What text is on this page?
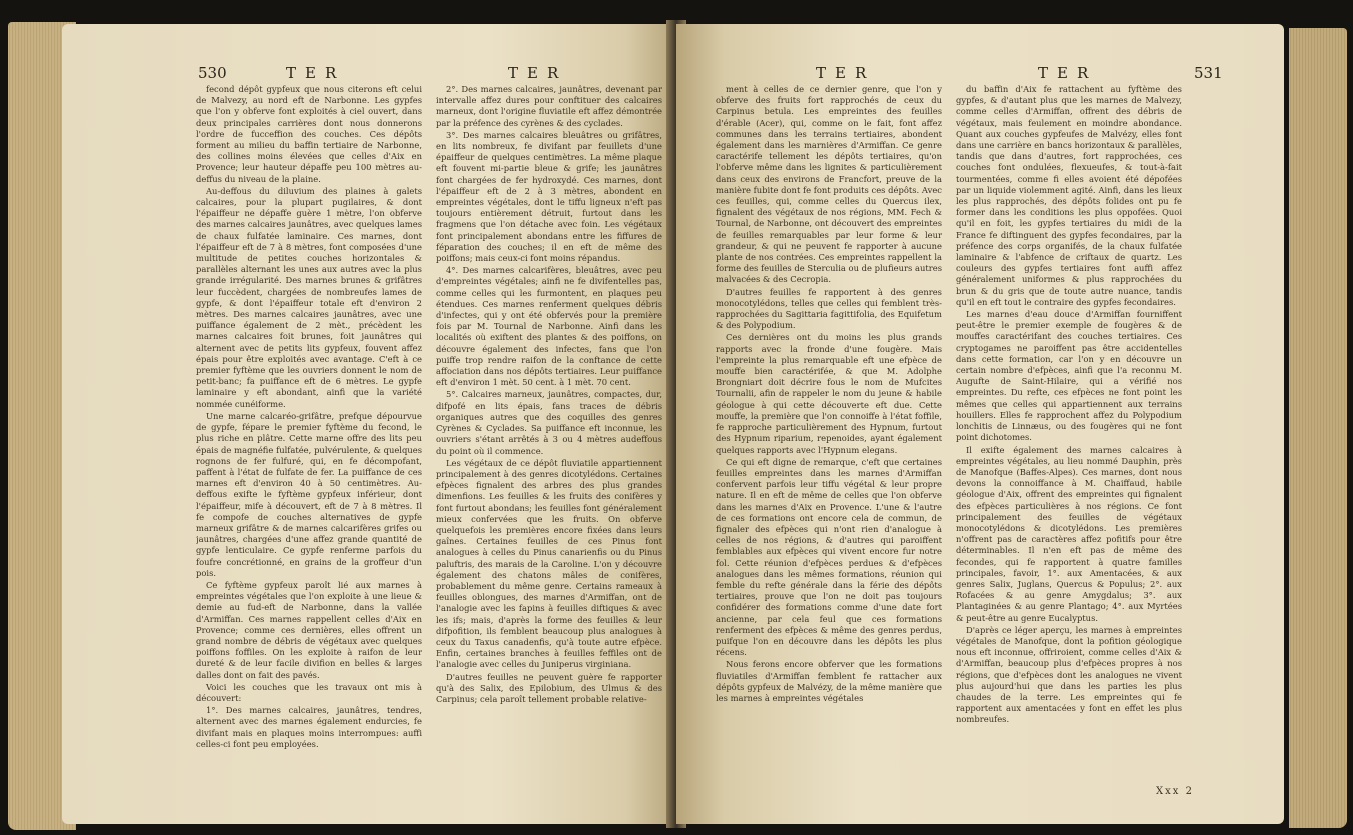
530	TER	TER

fecond dépôt gypfeux que nous citerons eft celui de Malvezy, au nord eft de Narbonne. Les gypfes que l'on y obferve font exploités à ciel ouvert, dans deux principales carrières dont nous donnerons l'ordre de fucceffion des couches. Ces dépôts forment au milieu du baffin tertiaire de Narbonne, des collines moins élevées que celles d'Aix en Provence; leur hauteur dépaffe peu 100 mètres au-deffus du niveau de la plaine.

Au-deffous du diluvium des plaines à galets calcaires, pour la plupart pugilaires, & dont l'épaiffeur ne dépaffe guère 1 mètre, l'on obferve des marnes calcaires jaunâtres, avec quelques lames de chaux fulfatée laminaire. Ces marnes, dont l'épaiffeur eft de 7 à 8 mètres, font composées d'une multitude de petites couches horizontales & parallèles alternant les unes aux autres avec la plus grande irrégularité. Des marnes brunes & grifâtres leur fuccèdent, chargées de nombreufes lames de gypfe, & dont l'épaiffeur totale eft d'environ 2 mètres. Des marnes calcaires jaunâtres, avec une puiffance également de 2 mèt., précèdent les marnes calcaires foit brunes, foit jaunâtres qui alternent avec de petits lits gypfeux, fouvent affez épais pour être exploités avec avantage. C'eft à ce premier fyftème que les ouvriers donnent le nom de petit-banc; fa puiffance eft de 6 mètres. Le gypfe laminaire y eft abondant, ainfi que la variété nommée cunéiforme.

Une marne calcaréo-grifâtre, prefque dépourvue de gypfe, fépare le premier fyftème du fecond, le plus riche en plâtre. Cette marne offre des lits peu épais de magnéfie fulfatée, pulvérulente, & quelques rognons de fer fulfuré, qui, en fe décompofant, paffent à l'état de fulfate de fer. La puiffance de ces marnes eft d'environ 40 à 50 centimètres. Au-deffous exifte le fyftème gypfeux inférieur, dont l'épaiffeur, mife à découvert, eft de 7 à 8 mètres. Il fe compofe de couches alternatives de gypfe marneux grifâtre & de marnes calcarifères grifes ou jaunâtres, chargées d'une affez grande quantité de gypfe lenticulaire. Ce gypfe renferme parfois du foufre concrétionné, en grains de la groffeur d'un pois.

Ce fyftème gypfeux paroît lié aux marnes à empreintes végétales que l'on exploite à une lieue & demie au fud-eft de Narbonne, dans la vallée d'Armiffan. Ces marnes rappellent celles d'Aix en Provence; comme ces dernières, elles offrent un grand nombre de débris de végétaux avec quelques poiffons foffiles. On les exploite à raifon de leur dureté & de leur facile divifion en belles & larges dalles dont on fait des pavés.

Voici les couches que les travaux ont mis à découvert:

1°. Des marnes calcaires, jaunâtres, tendres, alternent avec des marnes également endurcies, fe divifant mais en plaques moins interrompues: auffi celles-ci font peu employées.

2°. Des marnes calcaires, jaunâtres, devenant par intervalle affez dures pour conftituer des calcaires marneux, dont l'origine fluviatile eft affez démontrée par la préfence des cyrènes & des cyclades.

3°. Des marnes calcaires bleuâtres ou grifâtres, en lits nombreux, fe divifant par feuillets d'une épaiffeur de quelques centimètres. La même plaque eft fouvent mi-partie bleue & grife; les jaunâtres font chargées de fer hydroxydé. Ces marnes, dont l'épaiffeur eft de 2 à 3 mètres, abondent en empreintes végétales, dont le tiffu ligneux n'eft pas toujours entièrement détruit, furtout dans les fragmens que l'on détache avec foin. Les végétaux font principalement abondans entre les fiffures de féparation des couches; il en eft de même des poiffons; mais ceux-ci font moins répandus.

4°. Des marnes calcarifères, bleuâtres, avec peu d'empreintes végétales; ainfi ne fe divifentelles pas, comme celles qui les furmontent, en plaques peu étendues. Ces marnes renferment quelques débris d'infectes, qui y ont été obfervés pour la première fois par M. Tournal de Narbonne. Ainfi dans les localités où exiftent des plantes & des poiffons, on découvre également des infectes, fans que l'on puiffe trop rendre raifon de la conftance de cette affociation dans nos dépôts tertiaires. Leur puiffance eft d'environ 1 mèt. 50 cent. à 1 mèt. 70 cent.

5°. Calcaires marneux, jaunâtres, compactes, dur, difpofé en lits épais, fans traces de débris organiques autres que des coquilles des genres Cyrènes & Cyclades. Sa puiffance eft inconnue, les ouvriers s'étant arrêtés à 3 ou 4 mètres audeffous du point où il commence.

Les végétaux de ce dépôt fluviatile appartiennent principalement à des genres dicotylédons. Certaines efpèces fignalent des arbres des plus grandes dimenfions. Les feuilles & les fruits des conifères y font furtout abondans; les feuilles font généralement mieux confervées que les fruits. On obferve quelquefois les premières encore fixées dans leurs gaînes. Certaines feuilles de ces Pinus font analogues à celles du Pinus canarienfis ou du Pinus paluftris, des marais de la Caroline. L'on y découvre également des chatons mâles de conifères, probablement du même genre. Certains rameaux à feuilles oblongues, des marnes d'Armiffan, ont de l'analogie avec les fapins à feuilles diftiques & avec les ifs; mais, d'après la forme des feuilles & leur difpofition, ils femblent beaucoup plus analogues à ceux du Taxus canadenfis, qu'à toute autre efpèce. Enfin, certaines branches à feuilles feffiles ont de l'analogie avec celles du Juniperus virginiana.

D'autres feuilles ne peuvent guère fe rapporter qu'à des Salix, des Epilobium, des Ulmus & des Carpinus; cela paroît tellement probable relative-

TER	TER	531

ment à celles de ce dernier genre, que l'on y obferve des fruits fort rapprochés de ceux du Carpinus betula. Les empreintes des feuilles d'érable (Acer), qui, comme on le fait, font affez communes dans les terrains tertiaires, abondent également dans les marnières d'Armiffan. Ce genre caractérife tellement les dépôts tertiaires, qu'on l'obferve même dans les lignites & particulièrement dans ceux des environs de Francfort, preuve de la manière fubite dont fe font produits ces dépôts. Avec ces feuilles, qui, comme celles du Quercus ilex, fignalent des végétaux de nos régions, MM. Fech & Tournal, de Narbonne, ont découvert des empreintes de feuilles remarquables par leur forme & leur grandeur, & qui ne peuvent fe rapporter à aucune plante de nos contrées. Ces empreintes rappellent la forme des feuilles de Sterculia ou de plufieurs autres malvacées & des Cecropia.

D'autres feuilles fe rapportent à des genres monocotylédons, telles que celles qui femblent très-rapprochées du Sagittaria fagittifolia, des Equifetum & des Polypodium.

Ces dernières ont du moins les plus grands rapports avec la fronde d'une fougère. Mais l'empreinte la plus remarquable eft une efpèce de mouffe bien caractérifée, & que M. Adolphe Brongniart doit décrire fous le nom de Mufcites Tournalii, afin de rappeler le nom du jeune & habile géologue à qui cette découverte eft due. Cette mouffe, la première que l'on connoiffe à l'état foffile, fe rapproche particulièrement des Hypnum, furtout des Hypnum riparium, repenoides, ayant également quelques rapports avec l'Hypnum elegans.

Ce qui eft digne de remarque, c'eft que certaines feuilles empreintes dans les marnes d'Armiffan confervent parfois leur tiffu végétal & leur propre nature. Il en eft de même de celles que l'on obferve dans les marnes d'Aix en Provence. L'une & l'autre de ces formations ont encore cela de commun, de fignaler des efpèces qui n'ont rien d'analogue à celles de nos régions, & d'autres qui paroiffent femblables aux efpèces qui vivent encore fur notre fol. Cette réunion d'efpèces perdues & d'efpèces analogues dans les mêmes formations, réunion qui femble du refte générale dans la férie des dépôts tertiaires, prouve que l'on ne doit pas toujours confidérer des formations comme d'une date fort ancienne, par cela feul que ces formations renferment des efpèces & même des genres perdus, puifque l'on en découvre dans les dépôts les plus récens.

Nous ferons encore obferver que les formations fluviatiles d'Armiffan femblent fe rattacher aux dépôts gypfeux de Malvézy, de la même manière que les marnes à empreintes végétales

du baffin d'Aix fe rattachent au fyftème des gypfes, & d'autant plus que les marnes de Malvezy, comme celles d'Armiffan, offrent des débris de végétaux, mais feulement en moindre abondance. Quant aux couches gypfeufes de Malvézy, elles font dans une carrière en bancs horizontaux & parallèles, tandis que dans d'autres, fort rapprochées, ces couches font ondulées, flexueufes, & tout-à-fait tourmentées, comme fi elles avoient été dépofées par un liquide violemment agité. Ainfi, dans les lieux les plus rapprochés, des dépôts folides ont pu fe former dans les conditions les plus oppofées. Quoi qu'il en foit, les gypfes tertiaires du midi de la France fe diftinguent des gypfes fecondaires, par la préfence des corps organifés, de la chaux fulfatée laminaire & l'abfence de criftaux de quartz. Les couleurs des gypfes tertiaires font auffi affez généralement uniformes & plus rapprochées du brun & du gris que de toute autre nuance, tandis qu'il en eft tout le contraire des gypfes fecondaires.

Les marnes d'eau douce d'Armiffan fourniffent peut-être le premier exemple de fougères & de mouffes caractérifant des couches tertiaires. Ces cryptogames ne paroiffent pas être accidentelles dans cette formation, car l'on y en découvre un certain nombre d'efpèces, ainfi que l'a reconnu M. Augufte de Saint-Hilaire, qui a vérifié nos empreintes. Du refte, ces efpèces ne font point les mêmes que celles qui appartiennent aux terrains houillers. Elles fe rapprochent affez du Polypodium lonchitis de Linnæus, ou des fougères qui ne font point dichotomes.

Il exifte également des marnes calcaires à empreintes végétales, au lieu nommé Dauphin, près de Manofque (Baffes-Alpes). Ces marnes, dont nous devons la connoiffance à M. Chaiffaud, habile géologue d'Aix, offrent des empreintes qui fignalent des efpèces particulières à nos régions. Ce font principalement des feuilles de végétaux monocotylédons & dicotylédons. Les premières n'offrent pas de caractères affez pofitifs pour être déterminables. Il n'en eft pas de même des fecondes, qui fe rapportent à quatre familles principales, favoir, 1°. aux Amentacées, & aux genres Salix, Juglans, Quercus & Populus; 2°. aux Rofacées & au genre Amygdalus; 3°. aux Plantaginées & au genre Plantago; 4°. aux Myrtées & peut-être au genre Eucalyptus.

D'après ce léger aperçu, les marnes à empreintes végétales de Manofque, dont la pofition géologique nous eft inconnue, offriroient, comme celles d'Aix & d'Armiffan, beaucoup plus d'efpèces propres à nos régions, que d'efpèces dont les analogues ne vivent plus aujourd'hui que dans les parties les plus chaudes de la terre. Les empreintes qui fe rapportent aux amentacées y font en effet les plus nombreufes.

Xxx 2
